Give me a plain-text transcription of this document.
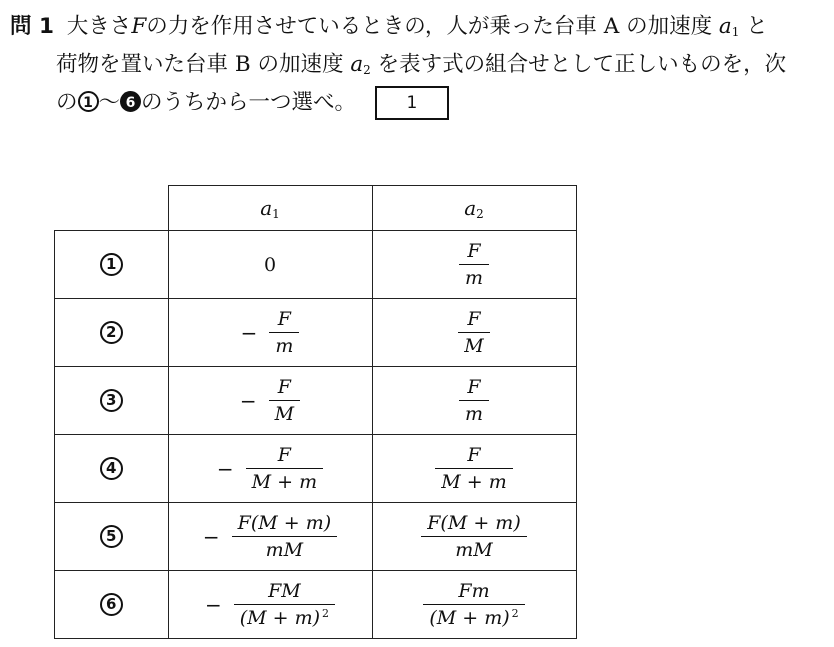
問 1 大きさFの力を作用させているときの，人が乗った台車 A の加速度 $a_1$ と
荷物を置いた台車 B の加速度 $a_2$ を表す式の組合せとして正しいものを，次
の 1 〜 6 のうちから一つ選べ。	1
	$a_1$	$a_2$
1	0	$\frac{F}{m}$

2	− $\frac{F}{m}$	$\frac{F}{M}$

3	− $\frac{F}{M}$	$\frac{F}{m}$

4	− $\frac{F}{M + m}$	$\frac{F}{M + m}$

5	− $\frac{F(M + m)}{mM}$	$\frac{F(M + m)}{mM}$

6	− $\frac{FM}{(M + m) ^2}$	$\frac{Fm}{(M + m) ^2}$
